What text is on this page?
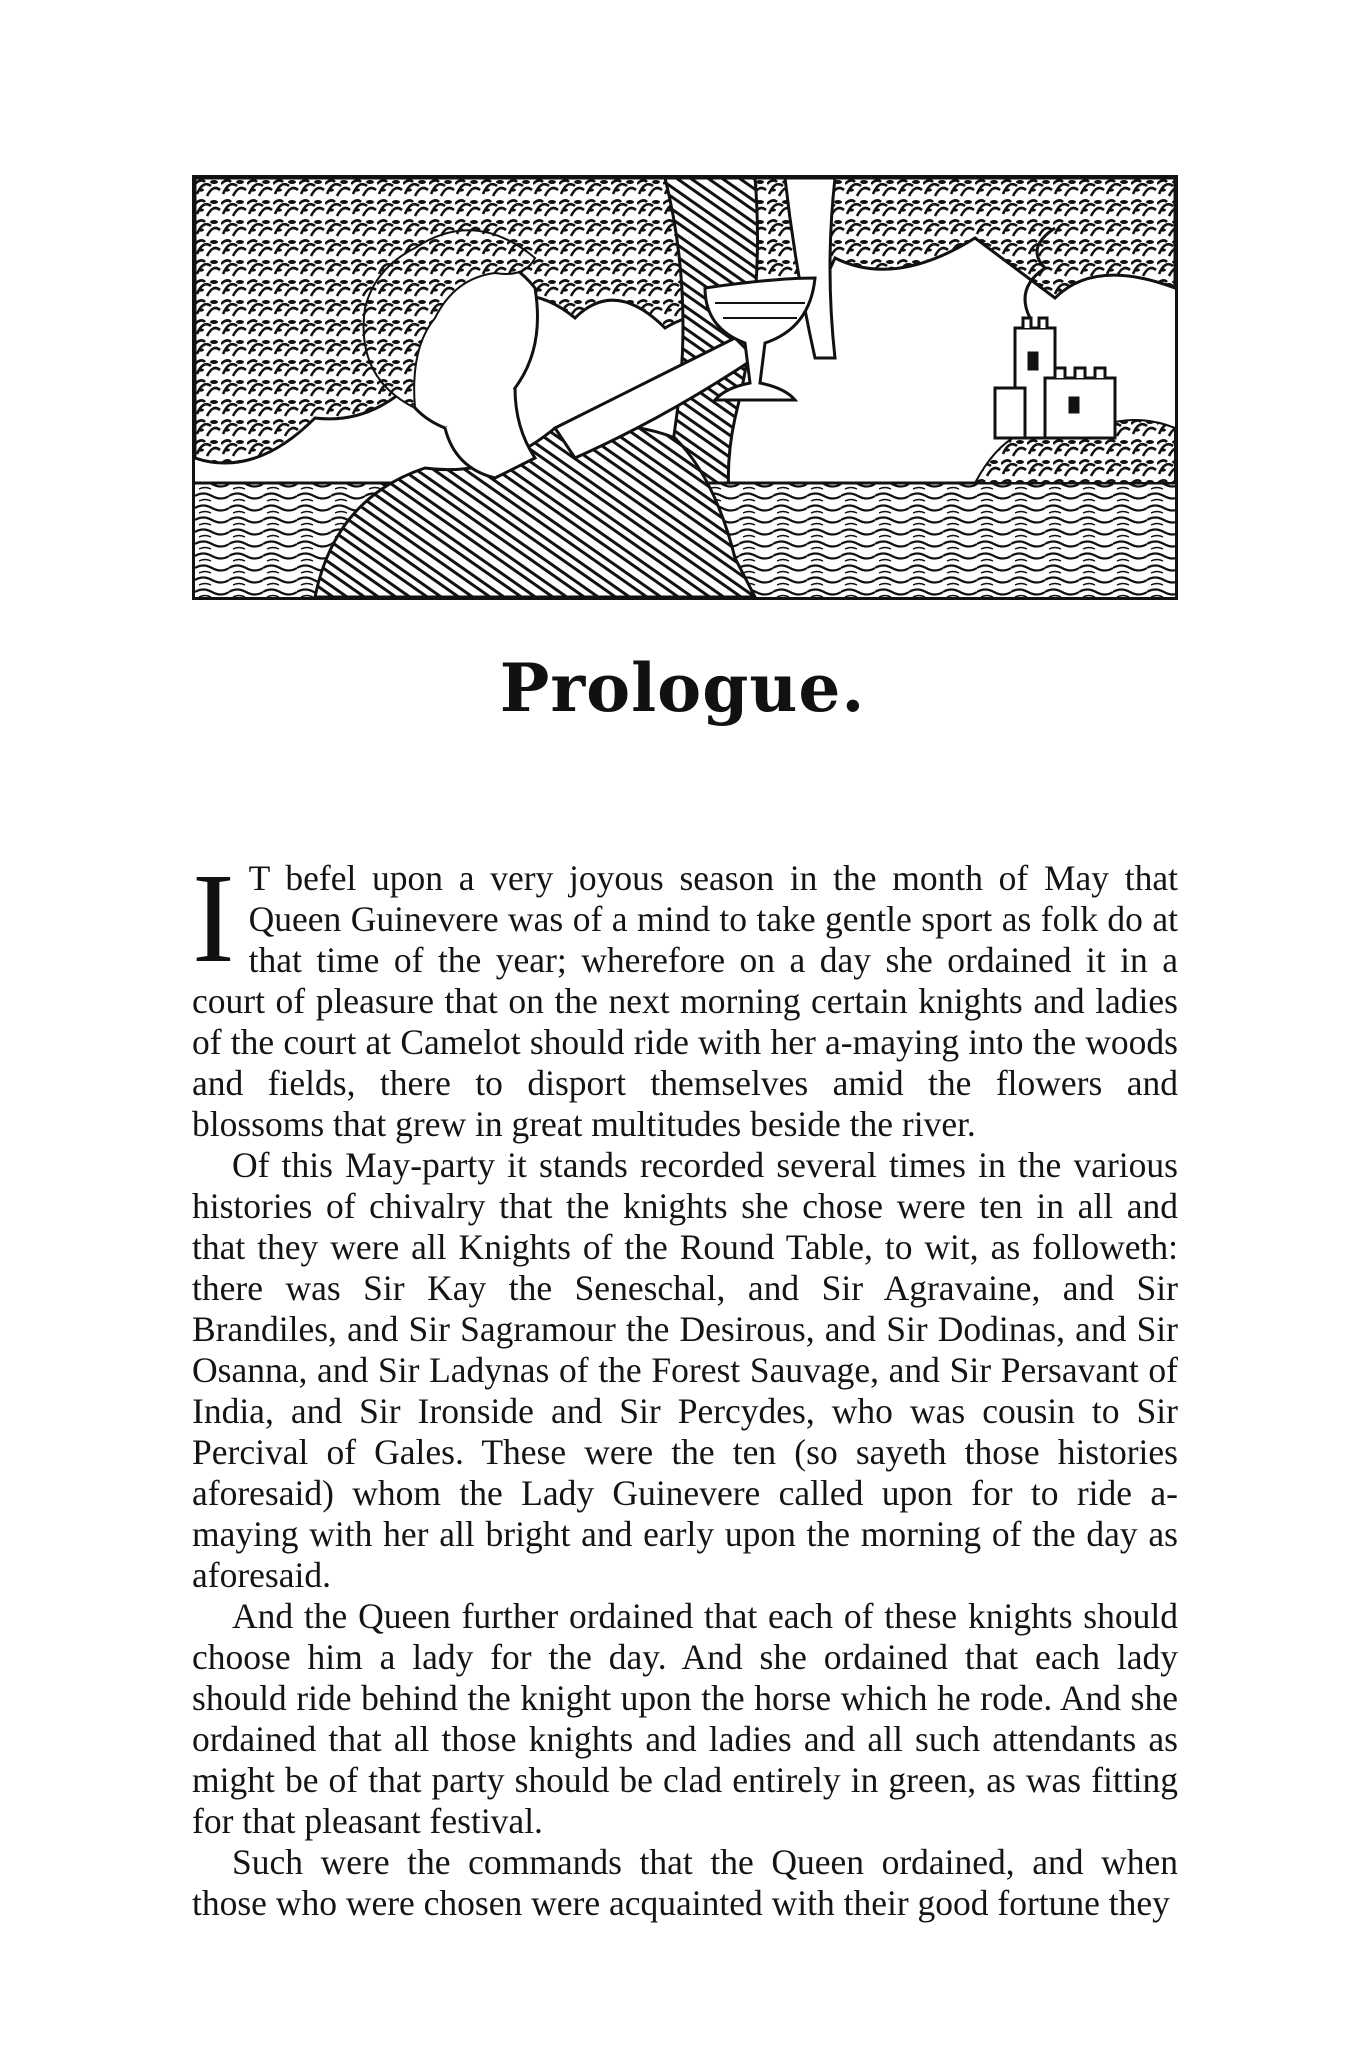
Prologue.

I T befel upon a very joyous season in the month of May that Queen Guinevere was of a mind to take gentle sport as folk do at that time of the year; wherefore on a day she ordained it in a court of pleasure that on the next morning certain knights and ladies of the court at Camelot should ride with her a-maying into the woods and fields, there to disport themselves amid the flowers and blossoms that grew in great multitudes beside the river.

Of this May-party it stands recorded several times in the various histories of chivalry that the knights she chose were ten in all and that they were all Knights of the Round Table, to wit, as followeth: there was Sir Kay the Seneschal, and Sir Agravaine, and Sir Brandiles, and Sir Sagramour the Desirous, and Sir Dodinas, and Sir Osanna, and Sir Ladynas of the Forest Sauvage, and Sir Persavant of India, and Sir Ironside and Sir Percydes, who was cousin to Sir Percival of Gales. These were the ten (so sayeth those histories aforesaid) whom the Lady Guinevere called upon for to ride a-maying with her all bright and early upon the morning of the day as aforesaid.

And the Queen further ordained that each of these knights should choose him a lady for the day. And she ordained that each lady should ride behind the knight upon the horse which he rode. And she ordained that all those knights and ladies and all such attendants as might be of that party should be clad entirely in green, as was fitting for that pleasant festival.

Such were the commands that the Queen ordained, and when those who were chosen were acquainted with their good fortune they
